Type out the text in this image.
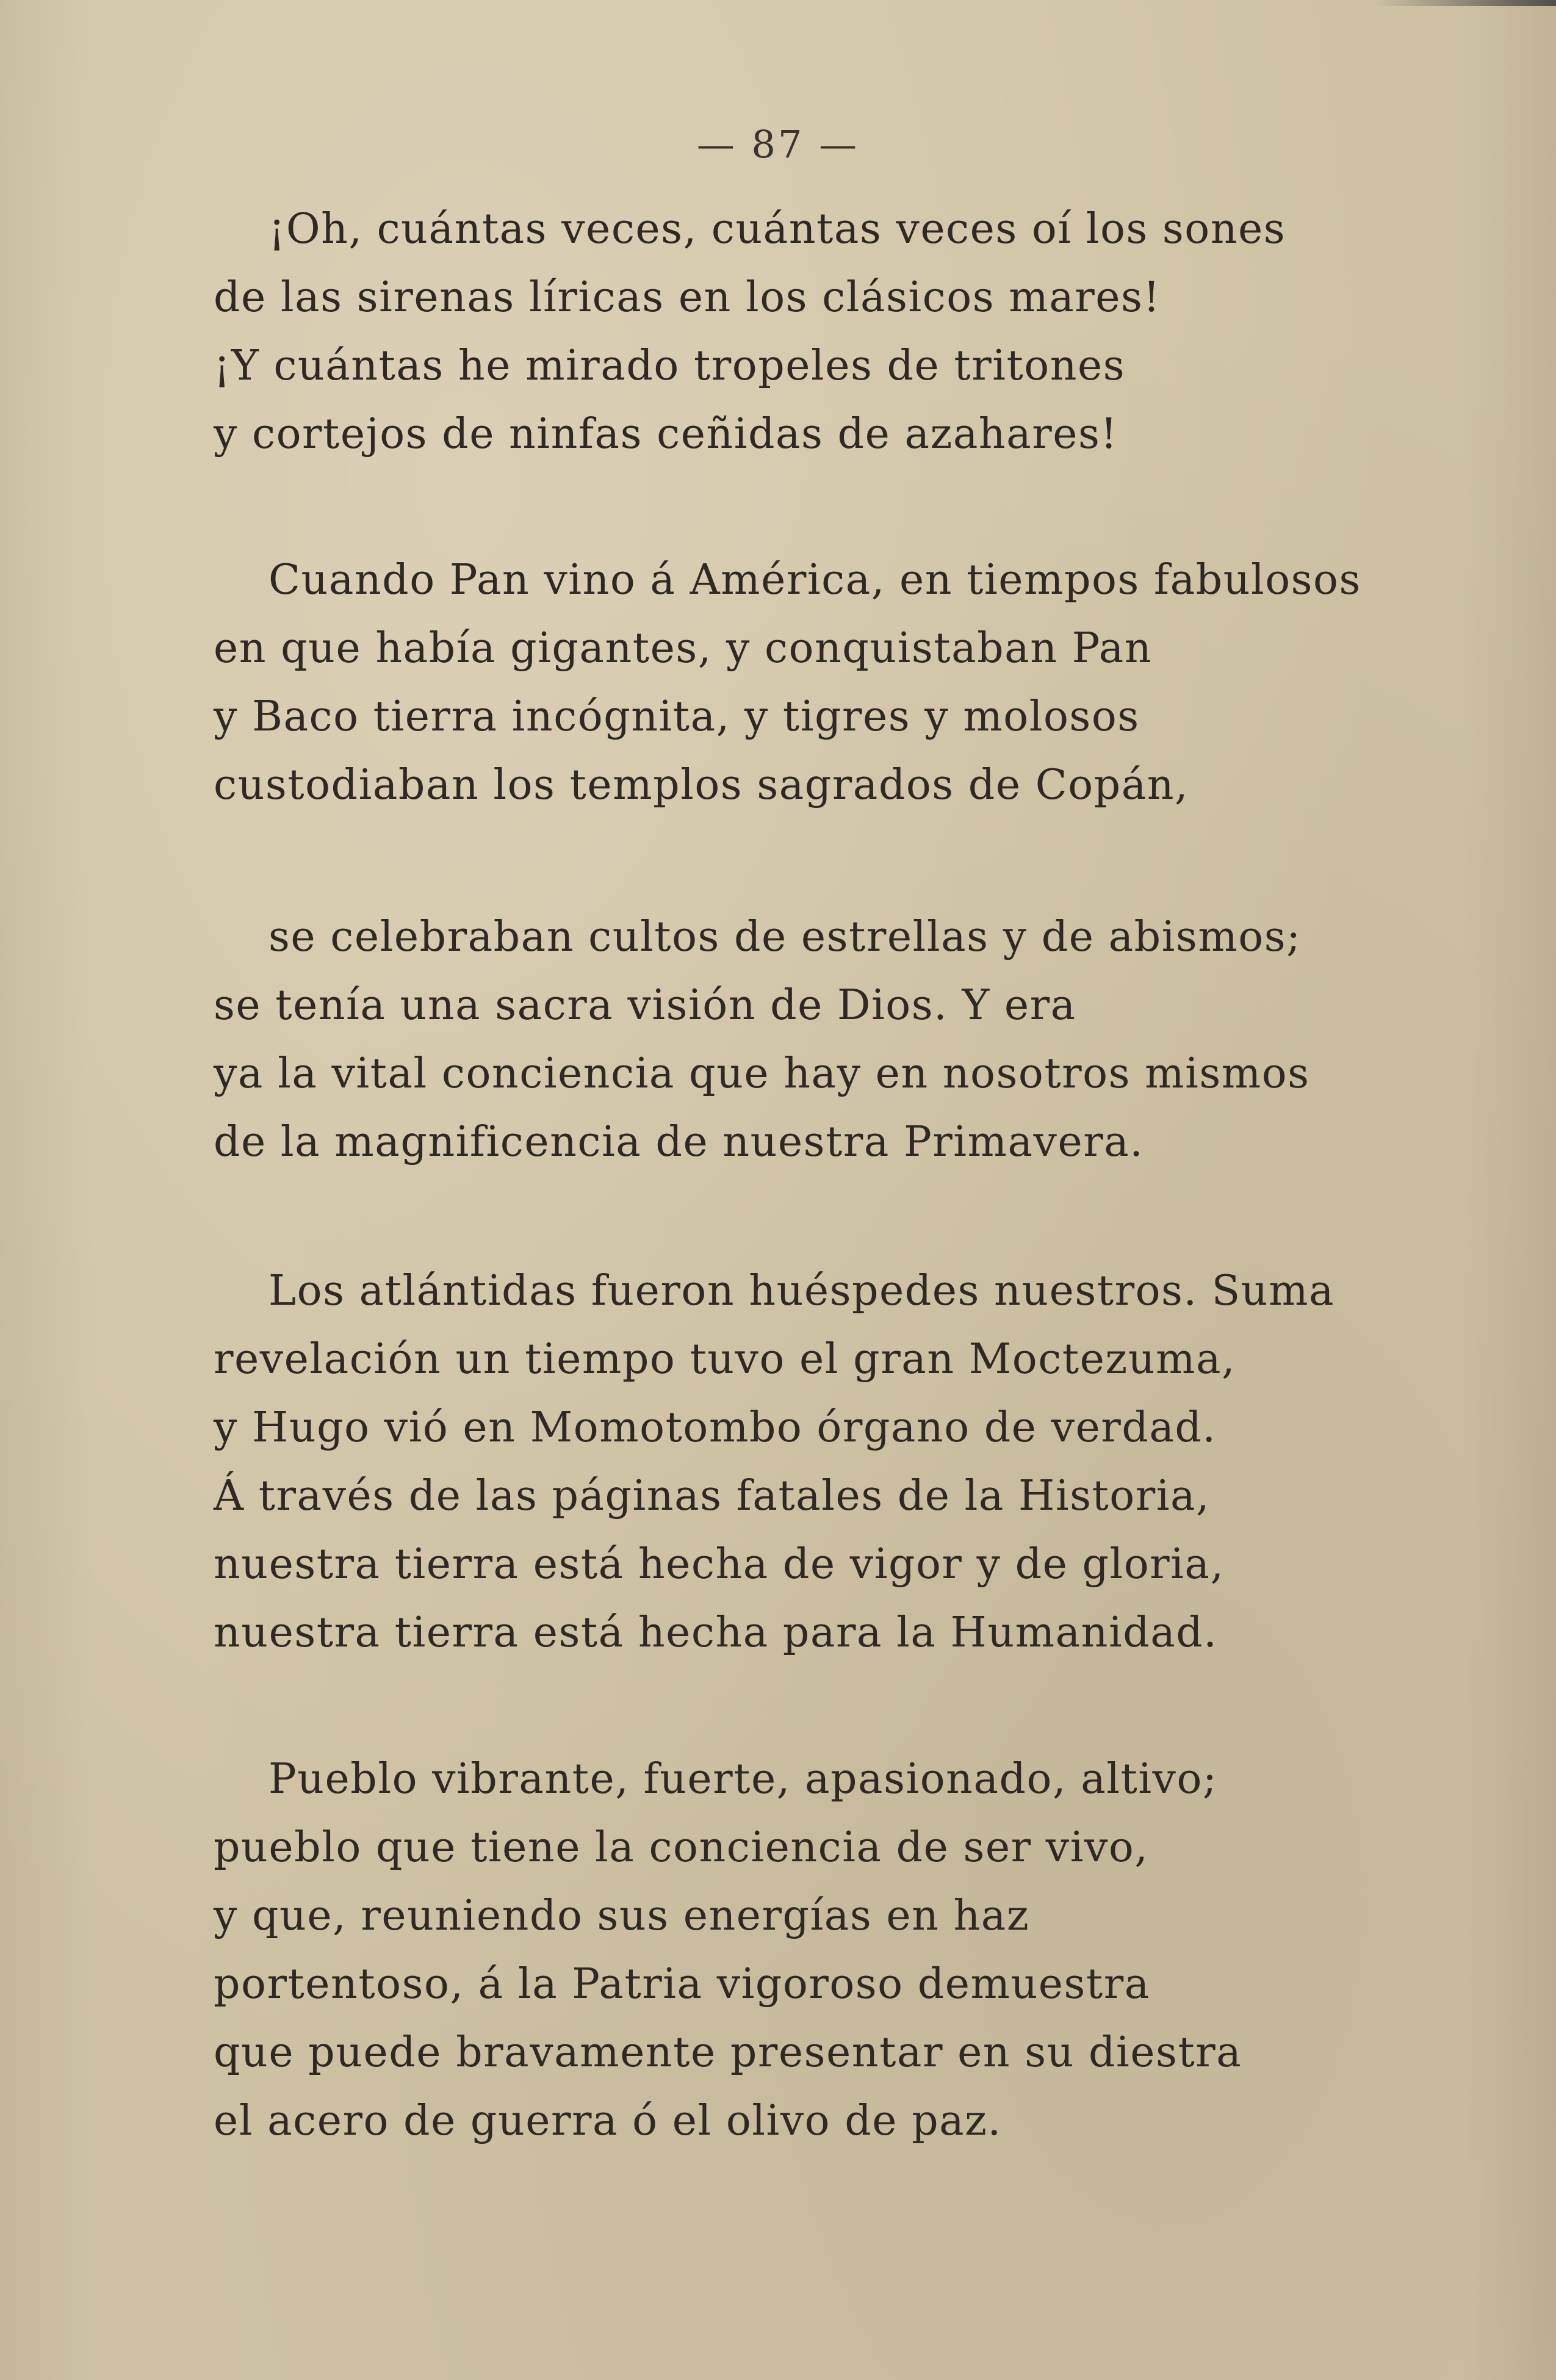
— 87 —
¡Oh, cuántas veces, cuántas veces oí los sones
de las sirenas líricas en los clásicos mares!
¡Y cuántas he mirado tropeles de tritones
y cortejos de ninfas ceñidas de azahares!
Cuando Pan vino á América, en tiempos fabulosos
en que había gigantes, y conquistaban Pan
y Baco tierra incógnita, y tigres y molosos
custodiaban los templos sagrados de Copán,
se celebraban cultos de estrellas y de abismos;
se tenía una sacra visión de Dios. Y era
ya la vital conciencia que hay en nosotros mismos
de la magnificencia de nuestra Primavera.
Los atlántidas fueron huéspedes nuestros. Suma
revelación un tiempo tuvo el gran Moctezuma,
y Hugo vió en Momotombo órgano de verdad.
Á través de las páginas fatales de la Historia,
nuestra tierra está hecha de vigor y de gloria,
nuestra tierra está hecha para la Humanidad.
Pueblo vibrante, fuerte, apasionado, altivo;
pueblo que tiene la conciencia de ser vivo,
y que, reuniendo sus energías en haz
portentoso, á la Patria vigoroso demuestra
que puede bravamente presentar en su diestra
el acero de guerra ó el olivo de paz.
